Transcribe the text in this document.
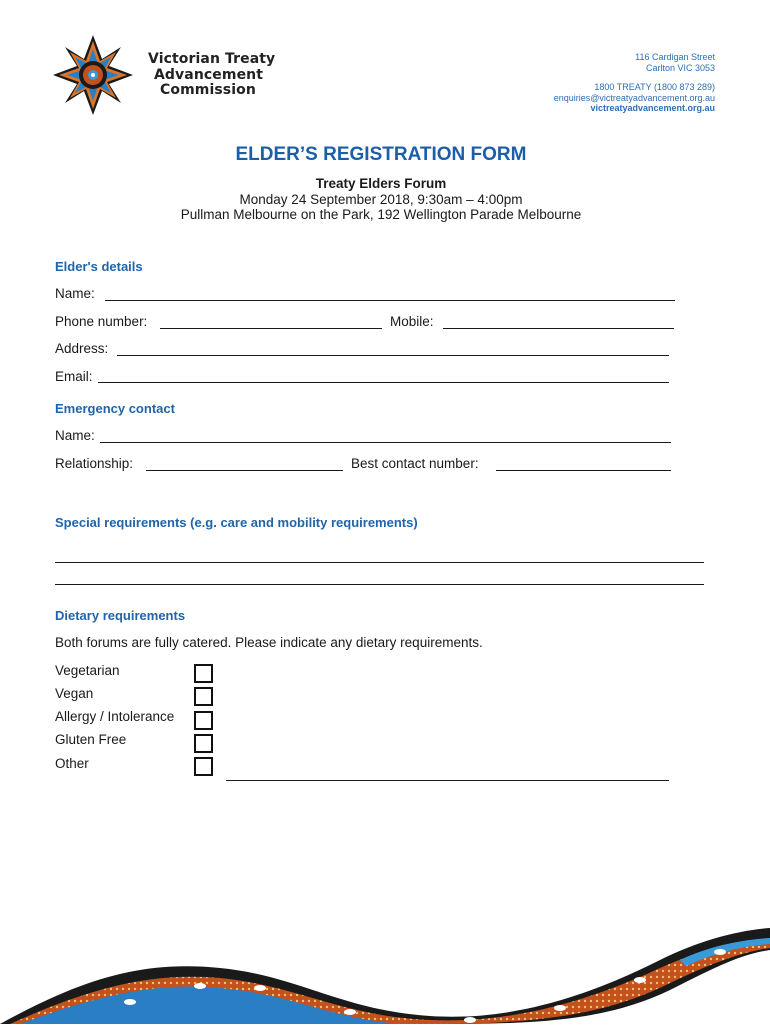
Victorian Treaty
Advancement
Commission
116 Cardigan Street
Carlton VIC 3053
1800 TREATY (1800 873 289)
enquiries@victreatyadvancement.org.au
victreatyadvancement.org.au
ELDER’S REGISTRATION FORM
Treaty Elders Forum
Monday 24 September 2018, 9:30am – 4:00pm
Pullman Melbourne on the Park, 192 Wellington Parade Melbourne
Elder's details
Name:
Phone number:	Mobile:
Address:
Email:
Emergency contact
Name:
Relationship:	Best contact number:
Special requirements (e.g. care and mobility requirements)
Dietary requirements
Both forums are fully catered. Please indicate any dietary requirements.
Vegetarian
Vegan
Allergy / Intolerance
Gluten Free
Other
